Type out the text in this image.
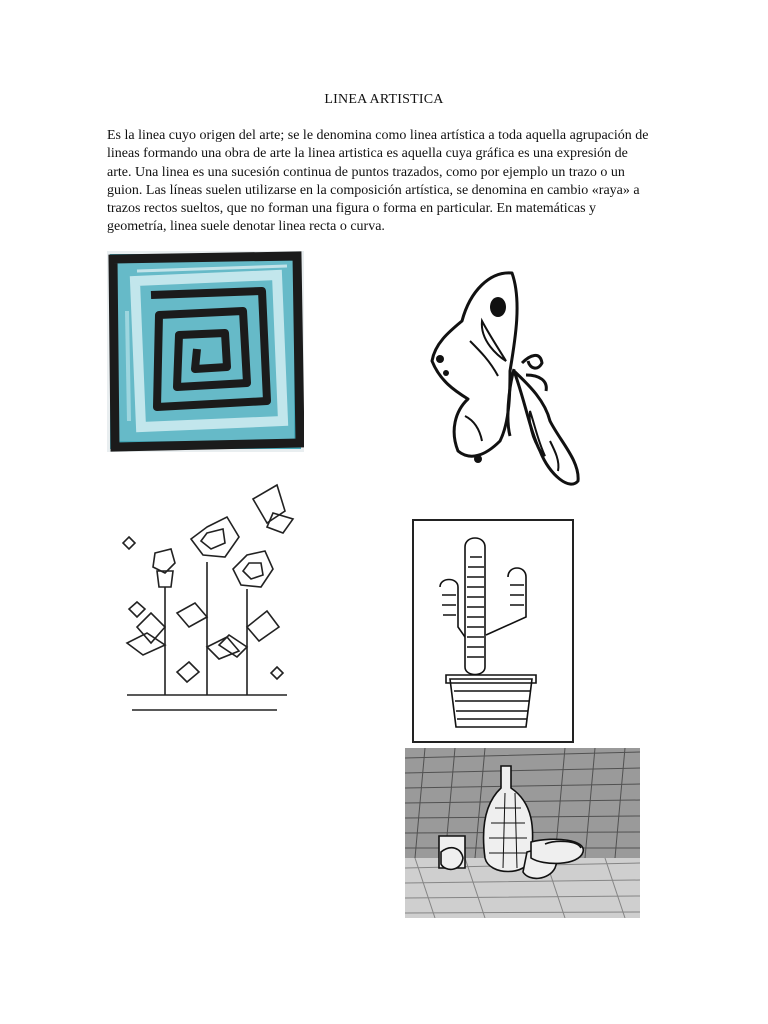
LINEA ARTISTICA

Es la linea cuyo origen del arte; se le denomina como linea artística a toda aquella agrupación de lineas formando una obra de arte la linea artistica es aquella cuya gráfica es una expresión de arte. Una linea es una sucesión continua de puntos trazados, como por ejemplo un trazo o un guion. Las líneas suelen utilizarse en la composición artística, se denomina en cambio «raya» a trazos rectos sueltos, que no forman una figura o forma en particular. En matemáticas y geometría, linea suele denotar linea recta o curva.
